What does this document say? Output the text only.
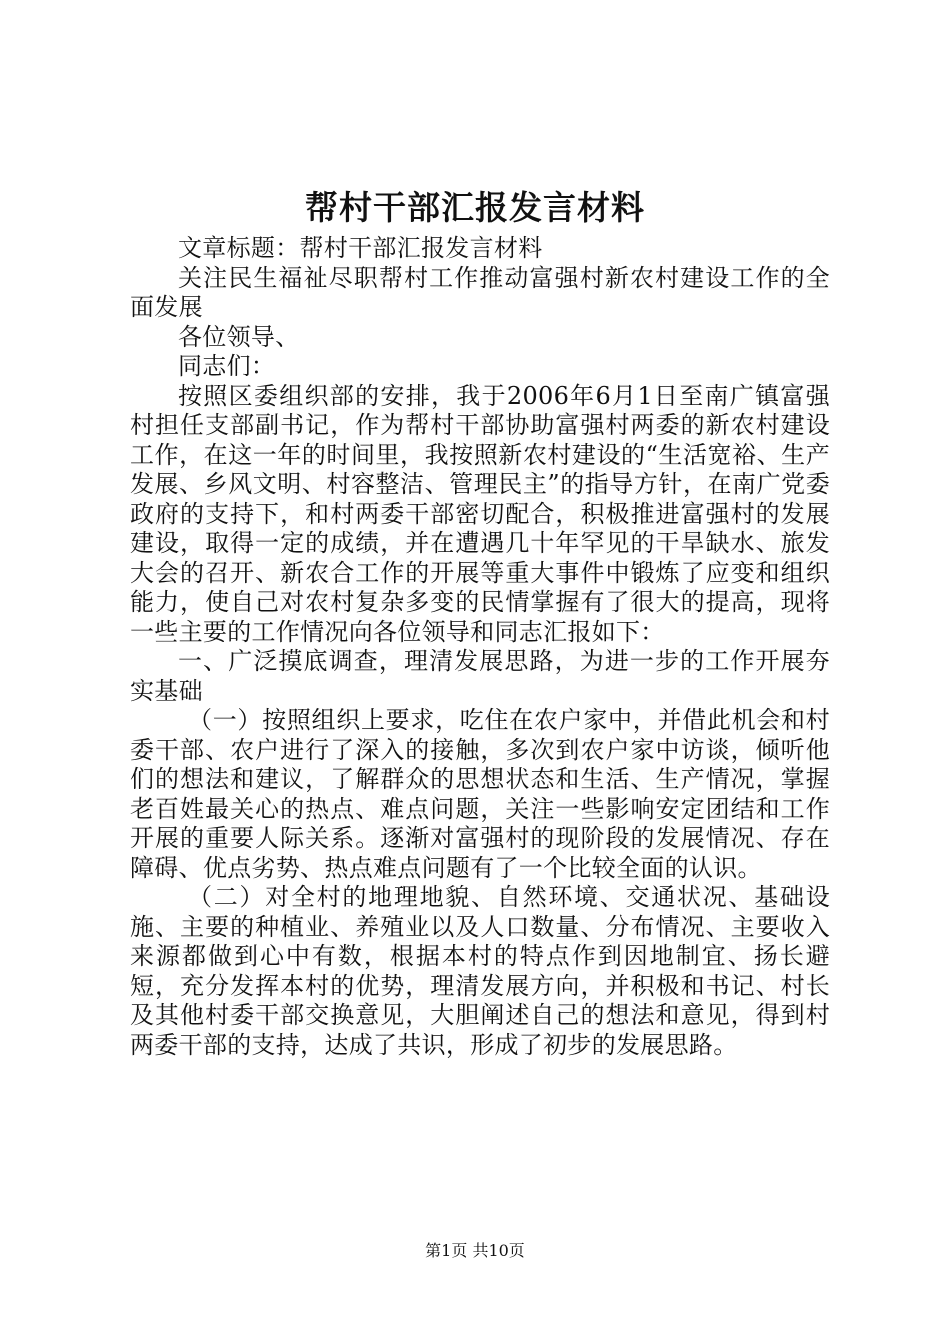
帮村干部汇报发言材料

文章标题：帮村干部汇报发言材料

关注民生福祉尽职帮村工作推动富强村新农村建设工作的全面发展

各位领导、

同志们：

按照区委组织部的安排，我于2006年6月1日至南广镇富强村担任支部副书记，作为帮村干部协助富强村两委的新农村建设工作，在这一年的时间里，我按照新农村建设的“生活宽裕、生产发展、乡风文明、村容整洁、管理民主”的指导方针，在南广党委政府的支持下，和村两委干部密切配合，积极推进富强村的发展建设，取得一定的成绩，并在遭遇几十年罕见的干旱缺水、旅发大会的召开、新农合工作的开展等重大事件中锻炼了应变和组织能力，使自己对农村复杂多变的民情掌握有了很大的提高，现将一些主要的工作情况向各位领导和同志汇报如下：

一、广泛摸底调查，理清发展思路，为进一步的工作开展夯实基础

（一）按照组织上要求，吃住在农户家中，并借此机会和村委干部、农户进行了深入的接触，多次到农户家中访谈，倾听他们的想法和建议，了解群众的思想状态和生活、生产情况，掌握老百姓最关心的热点、难点问题，关注一些影响安定团结和工作开展的重要人际关系。逐渐对富强村的现阶段的发展情况、存在障碍、优点劣势、热点难点问题有了一个比较全面的认识。

（二）对全村的地理地貌、自然环境、交通状况、基础设施、主要的种植业、养殖业以及人口数量、分布情况、主要收入来源都做到心中有数，根据本村的特点作到因地制宜、扬长避短，充分发挥本村的优势，理清发展方向，并积极和书记、村长及其他村委干部交换意见，大胆阐述自己的想法和意见，得到村两委干部的支持，达成了共识，形成了初步的发展思路。

第1页 共10页
